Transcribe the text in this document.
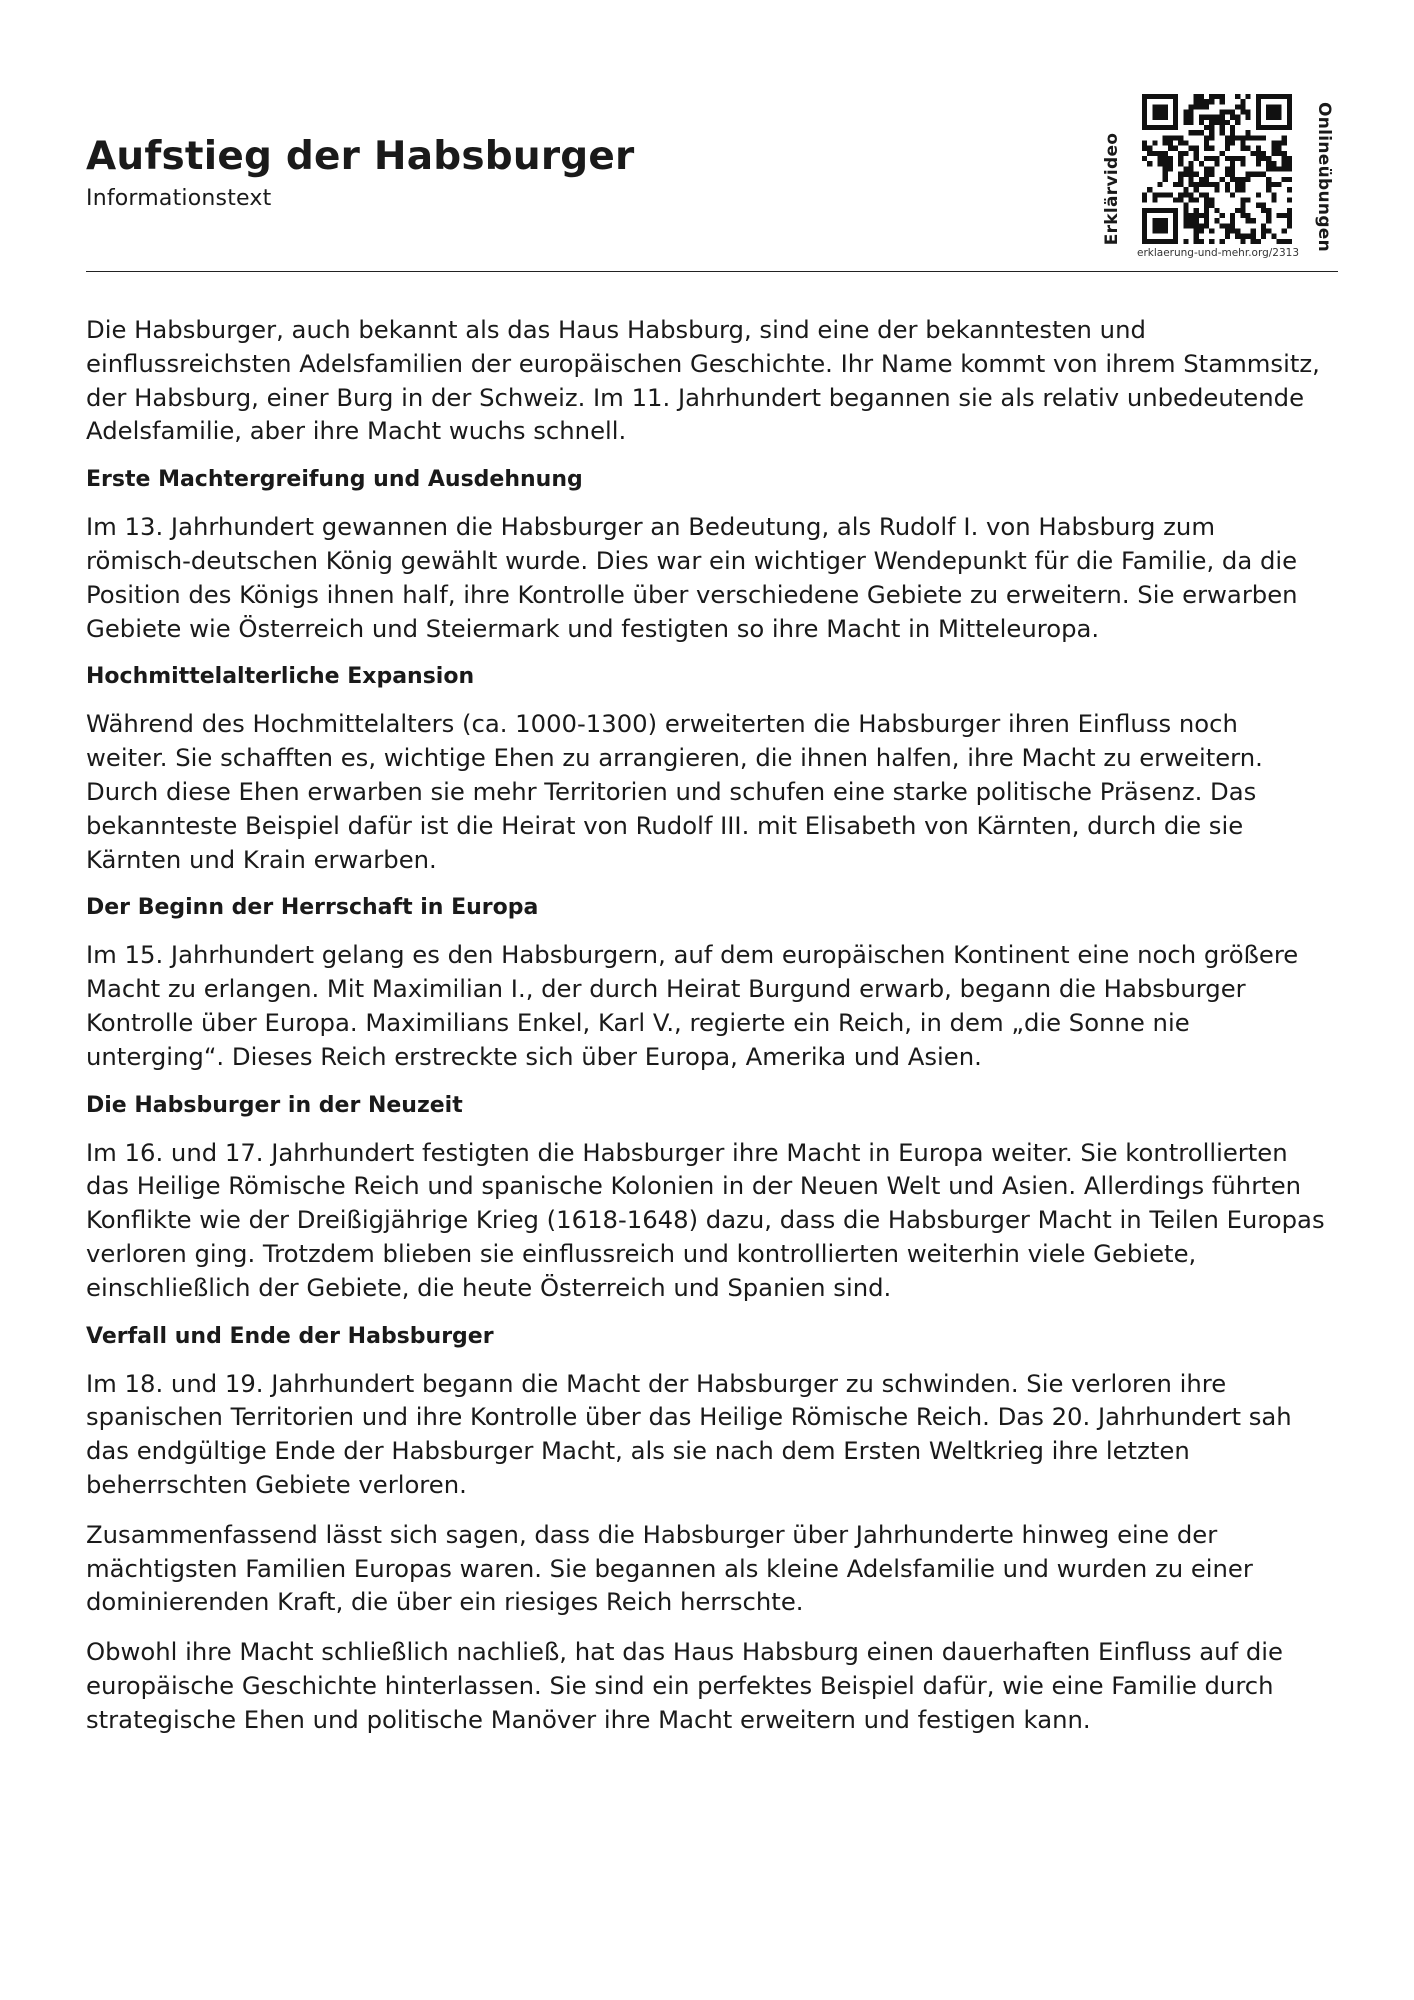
Aufstieg der Habsburger
Informationstext	Erklärvideo	Onlineübungen
erklaerung-und-mehr.org/2313

Die Habsburger, auch bekannt als das Haus Habsburg, sind eine der bekanntesten und einflussreichsten Adelsfamilien der europäischen Geschichte. Ihr Name kommt von ihrem Stammsitz, der Habsburg, einer Burg in der Schweiz. Im 11. Jahrhundert begannen sie als relativ unbedeutende Adelsfamilie, aber ihre Macht wuchs schnell.

Erste Machtergreifung und Ausdehnung

Im 13. Jahrhundert gewannen die Habsburger an Bedeutung, als Rudolf I. von Habsburg zum römisch-deutschen König gewählt wurde. Dies war ein wichtiger Wendepunkt für die Familie, da die Position des Königs ihnen half, ihre Kontrolle über verschiedene Gebiete zu erweitern. Sie erwarben Gebiete wie Österreich und Steiermark und festigten so ihre Macht in Mitteleuropa.

Hochmittelalterliche Expansion

Während des Hochmittelalters (ca. 1000-1300) erweiterten die Habsburger ihren Einfluss noch weiter. Sie schafften es, wichtige Ehen zu arrangieren, die ihnen halfen, ihre Macht zu erweitern. Durch diese Ehen erwarben sie mehr Territorien und schufen eine starke politische Präsenz. Das bekannteste Beispiel dafür ist die Heirat von Rudolf III. mit Elisabeth von Kärnten, durch die sie Kärnten und Krain erwarben.

Der Beginn der Herrschaft in Europa

Im 15. Jahrhundert gelang es den Habsburgern, auf dem europäischen Kontinent eine noch größere Macht zu erlangen. Mit Maximilian I., der durch Heirat Burgund erwarb, begann die Habsburger Kontrolle über Europa. Maximilians Enkel, Karl V., regierte ein Reich, in dem „die Sonne nie unterging“. Dieses Reich erstreckte sich über Europa, Amerika und Asien.

Die Habsburger in der Neuzeit

Im 16. und 17. Jahrhundert festigten die Habsburger ihre Macht in Europa weiter. Sie kontrollierten das Heilige Römische Reich und spanische Kolonien in der Neuen Welt und Asien. Allerdings führten Konflikte wie der Dreißigjährige Krieg (1618-1648) dazu, dass die Habsburger Macht in Teilen Europas verloren ging. Trotzdem blieben sie einflussreich und kontrollierten weiterhin viele Gebiete, einschließlich der Gebiete, die heute Österreich und Spanien sind.

Verfall und Ende der Habsburger

Im 18. und 19. Jahrhundert begann die Macht der Habsburger zu schwinden. Sie verloren ihre spanischen Territorien und ihre Kontrolle über das Heilige Römische Reich. Das 20. Jahrhundert sah das endgültige Ende der Habsburger Macht, als sie nach dem Ersten Weltkrieg ihre letzten beherrschten Gebiete verloren.

Zusammenfassend lässt sich sagen, dass die Habsburger über Jahrhunderte hinweg eine der mächtigsten Familien Europas waren. Sie begannen als kleine Adelsfamilie und wurden zu einer dominierenden Kraft, die über ein riesiges Reich herrschte.

Obwohl ihre Macht schließlich nachließ, hat das Haus Habsburg einen dauerhaften Einfluss auf die europäische Geschichte hinterlassen. Sie sind ein perfektes Beispiel dafür, wie eine Familie durch strategische Ehen und politische Manöver ihre Macht erweitern und festigen kann.
